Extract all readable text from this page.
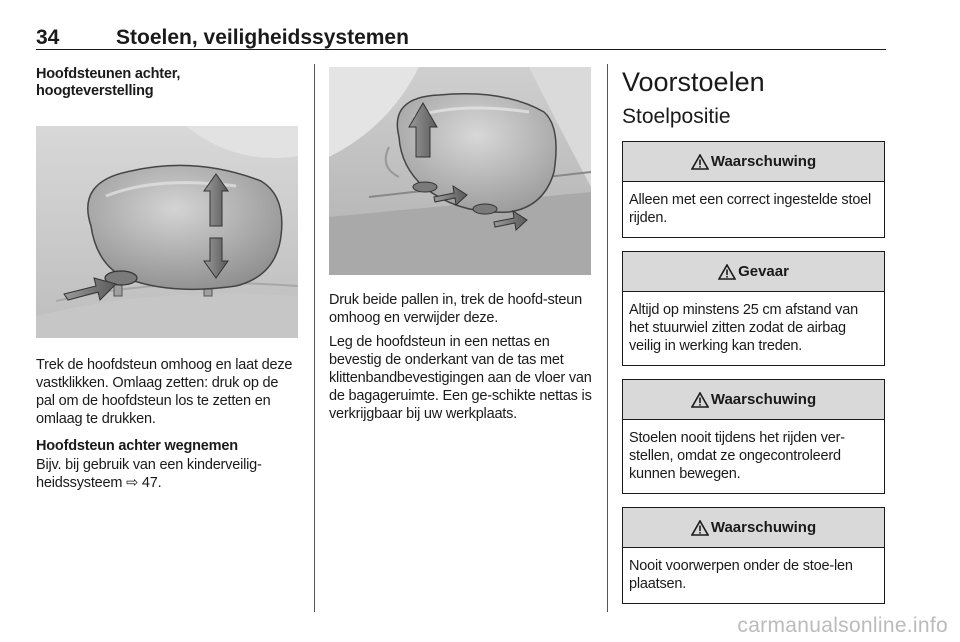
34	Stoelen, veiligheidssystemen
Hoofdsteunen achter, hoogteverstelling
Trek de hoofdsteun omhoog en laat deze vastklikken. Omlaag zetten: druk op de pal om de hoofdsteun los te zetten en omlaag te drukken.
Hoofdsteun achter wegnemen
Bijv. bij gebruik van een kinderveilig-heidssysteem ⇨ 47.
Druk beide pallen in, trek de hoofd-steun omhoog en verwijder deze.
Leg de hoofdsteun in een nettas en bevestig de onderkant van de tas met klittenbandbevestigingen aan de vloer van de bagageruimte. Een ge-schikte nettas is verkrijgbaar bij uw werkplaats.
Voorstoelen
Stoelpositie
Waarschuwing
Alleen met een correct ingestelde stoel rijden.
Gevaar
Altijd op minstens 25 cm afstand van het stuurwiel zitten zodat de airbag veilig in werking kan treden.
Waarschuwing
Stoelen nooit tijdens het rijden ver-stellen, omdat ze ongecontroleerd kunnen bewegen.
Waarschuwing
Nooit voorwerpen onder de stoe-len plaatsen.
carmanualsonline.info
